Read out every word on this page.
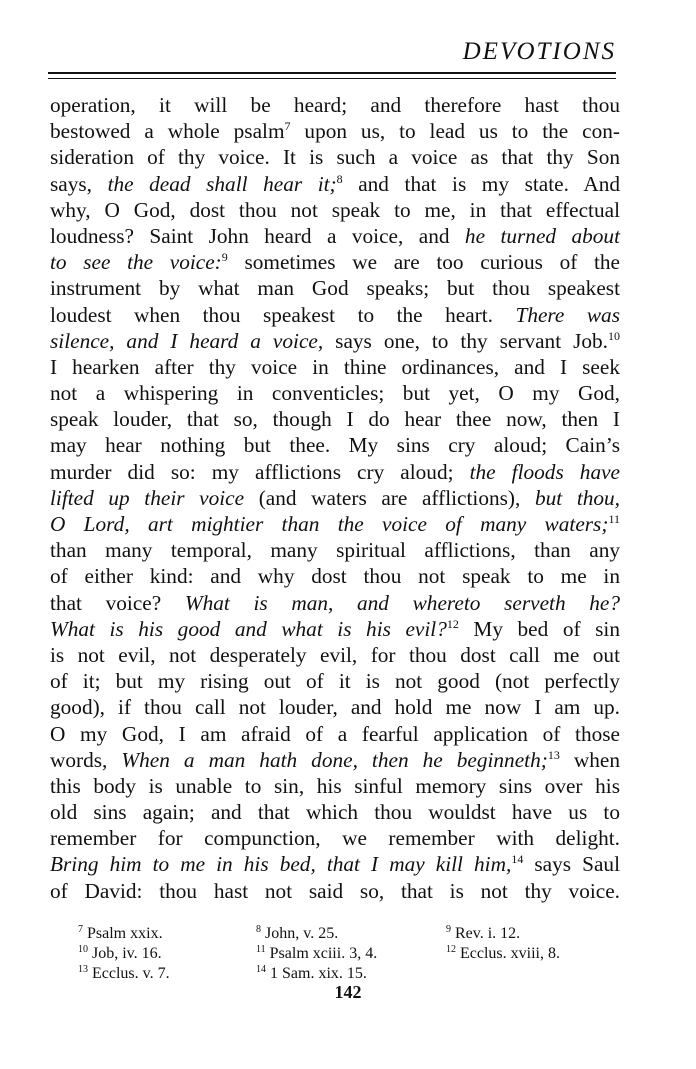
DEVOTIONS
operation, it will be heard; and therefore hast thou
bestowed a whole psalm$^7$ upon us, to lead us to the con-
sideration of thy voice. It is such a voice as that thy Son
says, the dead shall hear it;$^8$ and that is my state. And
why, O God, dost thou not speak to me, in that effectual
loudness? Saint John heard a voice, and he turned about
to see the voice:$^9$ sometimes we are too curious of the
instrument by what man God speaks; but thou speakest
loudest when thou speakest to the heart. There was
silence, and I heard a voice, says one, to thy servant Job.$^{10}$
I hearken after thy voice in thine ordinances, and I seek
not a whispering in conventicles; but yet, O my God,
speak louder, that so, though I do hear thee now, then I
may hear nothing but thee. My sins cry aloud; Cain’s
murder did so: my afflictions cry aloud; the floods have
lifted up their voice (and waters are afflictions), but thou,
O Lord, art mightier than the voice of many waters;$^{11}$
than many temporal, many spiritual afflictions, than any
of either kind: and why dost thou not speak to me in
that voice? What is man, and whereto serveth he?
What is his good and what is his evil?$^{12}$ My bed of sin
is not evil, not desperately evil, for thou dost call me out
of it; but my rising out of it is not good (not perfectly
good), if thou call not louder, and hold me now I am up.
O my God, I am afraid of a fearful application of those
words, When a man hath done, then he beginneth;$^{13}$ when
this body is unable to sin, his sinful memory sins over his
old sins again; and that which thou wouldst have us to
remember for compunction, we remember with delight.
Bring him to me in his bed, that I may kill him,$^{14}$ says Saul
of David: thou hast not said so, that is not thy voice.
$^7$ Psalm xxix.	$^8$ John, v. 25.	$^9$ Rev. i. 12.
$^{10}$ Job, iv. 16.	$^{11}$ Psalm xciii. 3, 4.	$^{12}$ Ecclus. xviii, 8.
$^{13}$ Ecclus. v. 7.	$^{14}$ 1 Sam. xix. 15.
142
